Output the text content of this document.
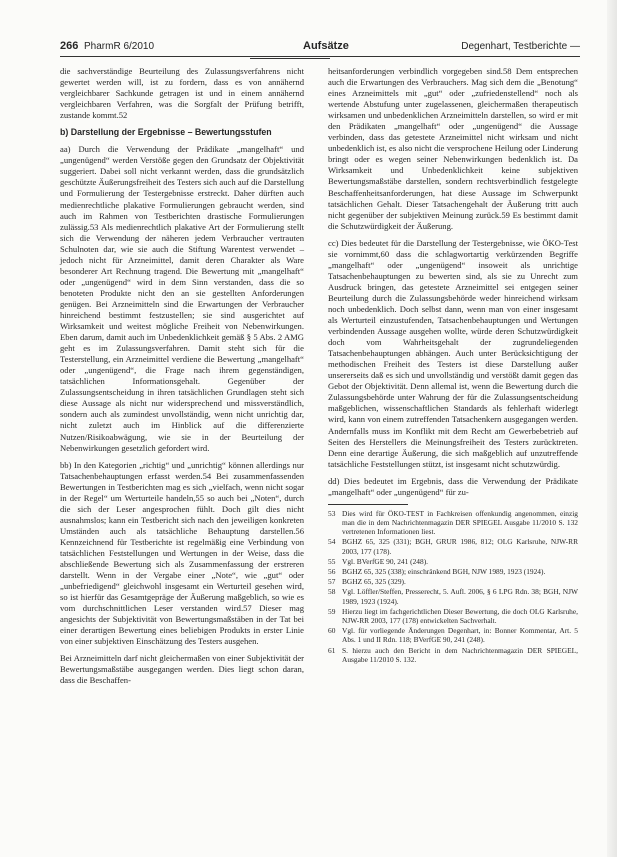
266 PharmR 6/2010	Aufsätze	Degenhart, Testberichte —

die sachverständige Beurteilung des Zulassungsverfahrens nicht gewertet werden will, ist zu fordern, dass es von annähernd vergleichbarer Sachkunde getragen ist und in einem annähernd vergleichbaren Verfahren, was die Sorgfalt der Prüfung betrifft, zustande kommt.52

b) Darstellung der Ergebnisse – Bewertungsstufen

aa) Durch die Verwendung der Prädikate „mangelhaft“ und „ungenügend“ werden Verstöße gegen den Grundsatz der Objektivität suggeriert. Dabei soll nicht verkannt werden, dass die grundsätzlich geschützte Äußerungsfreiheit des Testers sich auch auf die Darstellung und Formulierung der Testergebnisse erstreckt. Daher dürften auch medienrechtliche plakative Formulierungen gebraucht werden, sind auch im Rahmen von Testberichten drastische Formulierungen zulässig.53 Als medienrechtlich plakative Art der Formulierung stellt sich die Verwendung der näheren jedem Verbraucher vertrauten Schulnoten dar, wie sie auch die Stiftung Warentest verwendet – jedoch nicht für Arzneimittel, damit deren Charakter als Ware besonderer Art Rechnung tragend. Die Bewertung mit „mangelhaft“ oder „ungenügend“ wird in dem Sinn verstanden, dass die so benoteten Produkte nicht den an sie gestellten Anforderungen genügen. Bei Arzneimitteln sind die Erwartungen der Verbraucher hinreichend bestimmt festzustellen; sie sind ausgerichtet auf Wirksamkeit und weitest mögliche Freiheit von Nebenwirkungen. Eben darum, damit auch im Unbedenklichkeit gemäß § 5 Abs. 2 AMG geht es im Zulassungsverfahren. Damit steht sich für die Testerstellung, ein Arzneimittel verdiene die Bewertung „mangelhaft“ oder „ungenügend“, die Frage nach ihrem gegenständigen, tatsächlichen Informationsgehalt. Gegenüber der Zulassungsentscheidung in ihren tatsächlichen Grundlagen steht sich diese Aussage als nicht nur widersprechend und missverständlich, sondern auch als zumindest unvollständig, wenn nicht unrichtig dar, nicht zuletzt auch im Hinblick auf die differenzierte Nutzen/Risikoabwägung, wie sie in der Beurteilung der Nebenwirkungen gesetzlich gefordert wird.

bb) In den Kategorien „richtig“ und „unrichtig“ können allerdings nur Tatsachenbehauptungen erfasst werden.54 Bei zusammenfassenden Bewertungen in Testberichten mag es sich „vielfach, wenn nicht sogar in der Regel“ um Werturteile handeln,55 so auch bei „Noten“, durch die sich der Leser angesprochen fühlt. Doch gilt dies nicht ausnahmslos; kann ein Testbericht sich nach den jeweiligen konkreten Umständen auch als tatsächliche Behauptung darstellen.56 Kennzeichnend für Testberichte ist regelmäßig eine Verbindung von tatsächlichen Feststellungen und Wertungen in der Weise, dass die abschließende Bewertung sich als Zusammenfassung der erstreren darstellt. Wenn in der Vergabe einer „Note“, wie „gut“ oder „unbefriedigend“ gleichwohl insgesamt ein Werturteil gesehen wird, so ist hierfür das Gesamtgepräge der Äußerung maßgeblich, so wie es vom durchschnittlichen Leser verstanden wird.57 Dieser mag angesichts der Subjektivität von Bewertungsmaßstäben in der Tat bei einer derartigen Bewertung eines beliebigen Produkts in erster Linie von einer subjektiven Einschätzung des Testers ausgehen.

Bei Arzneimitteln darf nicht gleichermaßen von einer Subjektivität der Bewertungsmaßstäbe ausgegangen werden. Dies liegt schon daran, dass die Beschaffen-

heitsanforderungen verbindlich vorgegeben sind.58 Dem entsprechen auch die Erwartungen des Verbrauchers. Mag sich dem die „Benotung“ eines Arzneimittels mit „gut“ oder „zufriedenstellend“ noch als wertende Abstufung unter zugelassenen, gleichermaßen therapeutisch wirksamen und unbedenklichen Arzneimitteln darstellen, so wird er mit den Prädikaten „mangelhaft“ oder „ungenügend“ die Aussage verbinden, dass das getestete Arzneimittel nicht wirksam und nicht unbedenklich ist, es also nicht die versprochene Heilung oder Linderung bringt oder es wegen seiner Nebenwirkungen bedenklich ist. Da Wirksamkeit und Unbedenklichkeit keine subjektiven Bewertungsmaßstäbe darstellen, sondern rechtsverbindlich festgelegte Beschaffenheitsanforderungen, hat diese Aussage im Schwerpunkt tatsächlichen Gehalt. Dieser Tatsachengehalt der Äußerung tritt auch nicht gegenüber der subjektiven Meinung zurück.59 Es bestimmt damit die Schutzwürdigkeit der Äußerung.

cc) Dies bedeutet für die Darstellung der Testergebnisse, wie ÖKO-Test sie vornimmt,60 dass die schlagwortartig verkürzenden Begriffe „mangelhaft“ oder „ungenügend“ insoweit als unrichtige Tatsachenbehauptungen zu bewerten sind, als sie zu Unrecht zum Ausdruck bringen, das getestete Arzneimittel sei entgegen seiner Beurteilung durch die Zulassungsbehörde weder hinreichend wirksam noch unbedenklich. Doch selbst dann, wenn man von einer insgesamt als Werturteil einzustufenden, Tatsachenbehauptungen und Wertungen verbindenden Aussage ausgehen wollte, würde deren Schutzwürdigkeit doch vom Wahrheitsgehalt der zugrundeliegenden Tatsachenbehauptungen abhängen. Auch unter Berücksichtigung der methodischen Freiheit des Testers ist diese Darstellung außer unsererseits daß es sich und unvollständig und verstößt damit gegen das Gebot der Objektivität. Denn allemal ist, wenn die Bewertung durch die Zulassungsbehörde unter Wahrung der für die Zulassungsentscheidung maßgeblichen, wissenschaftlichen Standards als fehlerhaft widerlegt wird, kann von einem zutreffenden Tatsachenkern ausgegangen werden. Andernfalls muss im Konflikt mit dem Recht am Gewerbebetrieb auf Seiten des Herstellers die Meinungsfreiheit des Testers zurücktreten. Denn eine derartige Äußerung, die sich maßgeblich auf unzutreffende tatsächliche Feststellungen stützt, ist insgesamt nicht schutzwürdig.

dd) Dies bedeutet im Ergebnis, dass die Verwendung der Prädikate „mangelhaft“ oder „ungenügend“ für zu-

53 Dies wird für ÖKO-TEST in Fachkreisen offenkundig angenommen, einzig man die in dem Nachrichtenmagazin DER SPIEGEL Ausgabe 11/2010 S. 132 vertretenen Informationen liest.
54 BGHZ 65, 325 (331); BGH, GRUR 1986, 812; OLG Karlsruhe, NJW-RR 2003, 177 (178).
55 Vgl. BVerfGE 90, 241 (248).
56 BGHZ 65, 325 (338); einschränkend BGH, NJW 1989, 1923 (1924).
57 BGHZ 65, 325 (329).
58 Vgl. Löffler/Steffen, Presserecht, 5. Aufl. 2006, § 6 LPG Rdn. 38; BGH, NJW 1989, 1923 (1924).
59 Hierzu liegt im fachgerichtlichen Dieser Bewertung, die doch OLG Karlsruhe, NJW-RR 2003, 177 (178) entwickelten Sachverhalt.
60 Vgl. für vorliegende Änderungen Degenhart, in: Bonner Kommentar, Art. 5 Abs. 1 und II Rdn. 118; BVerfGE 90, 241 (248).
61 S. hierzu auch den Bericht in dem Nachrichtenmagazin DER SPIEGEL, Ausgabe 11/2010 S. 132.
